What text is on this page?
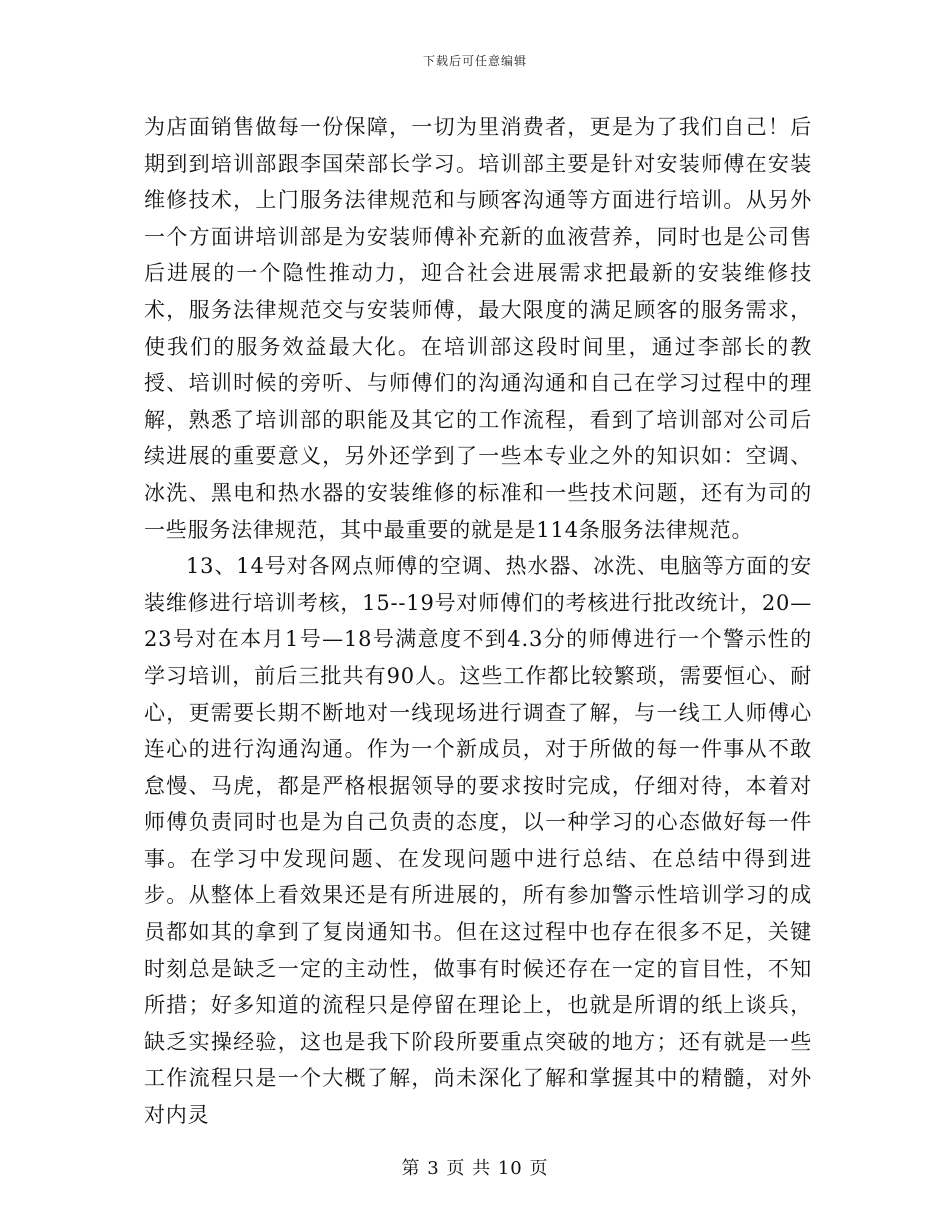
下载后可任意编辑

为店面销售做每一份保障，一切为里消费者，更是为了我们自己！后期到到培训部跟李国荣部长学习。培训部主要是针对安装师傅在安装维修技术，上门服务法律规范和与顾客沟通等方面进行培训。从另外一个方面讲培训部是为安装师傅补充新的血液营养，同时也是公司售后进展的一个隐性推动力，迎合社会进展需求把最新的安装维修技术，服务法律规范交与安装师傅，最大限度的满足顾客的服务需求，使我们的服务效益最大化。在培训部这段时间里，通过李部长的教授、培训时候的旁听、与师傅们的沟通沟通和自己在学习过程中的理解，熟悉了培训部的职能及其它的工作流程，看到了培训部对公司后续进展的重要意义，另外还学到了一些本专业之外的知识如：空调、冰洗、黑电和热水器的安装维修的标准和一些技术问题，还有为司的一些服务法律规范，其中最重要的就是是114条服务法律规范。

13、14号对各网点师傅的空调、热水器、冰洗、电脑等方面的安装维修进行培训考核，15--19号对师傅们的考核进行批改统计，20—23号对在本月1号—18号满意度不到4.3分的师傅进行一个警示性的学习培训，前后三批共有90人。这些工作都比较繁琐，需要恒心、耐心，更需要长期不断地对一线现场进行调查了解，与一线工人师傅心连心的进行沟通沟通。作为一个新成员，对于所做的每一件事从不敢怠慢、马虎，都是严格根据领导的要求按时完成，仔细对待，本着对师傅负责同时也是为自己负责的态度，以一种学习的心态做好每一件事。在学习中发现问题、在发现问题中进行总结、在总结中得到进步。从整体上看效果还是有所进展的，所有参加警示性培训学习的成员都如其的拿到了复岗通知书。但在这过程中也存在很多不足，关键时刻总是缺乏一定的主动性，做事有时候还存在一定的盲目性，不知所措；好多知道的流程只是停留在理论上，也就是所谓的纸上谈兵，缺乏实操经验，这也是我下阶段所要重点突破的地方；还有就是一些工作流程只是一个大概了解，尚未深化了解和掌握其中的精髓，对外对内灵

第 3 页 共 10 页
